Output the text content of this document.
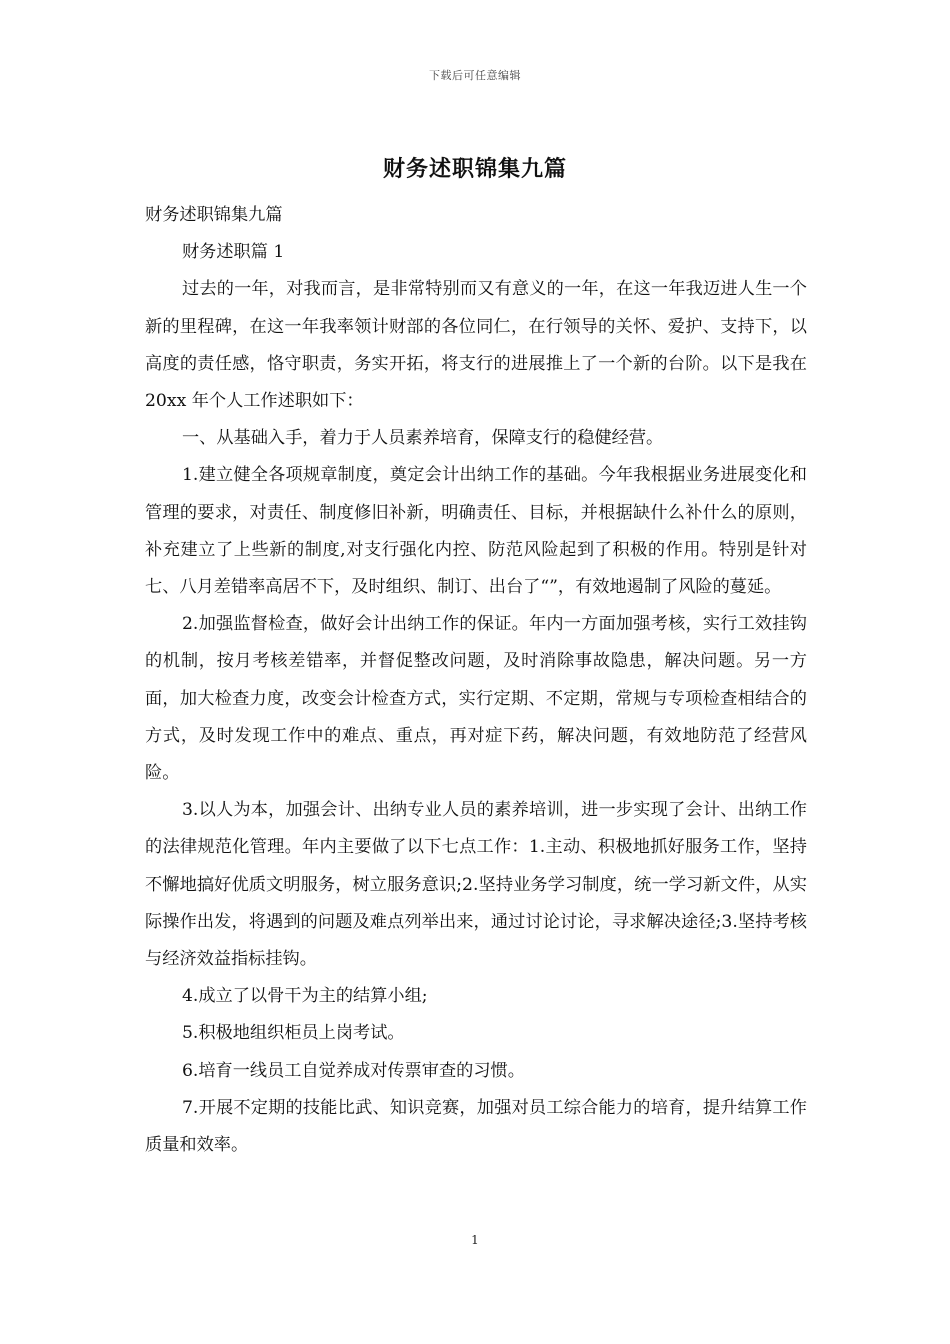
下载后可任意编辑
财务述职锦集九篇

财务述职锦集九篇

财务述职篇 1

过去的一年，对我而言，是非常特别而又有意义的一年，在这一年我迈进人生一个新的里程碑，在这一年我率领计财部的各位同仁，在行领导的关怀、爱护、支持下，以高度的责任感，恪守职责，务实开拓，将支行的进展推上了一个新的台阶。以下是我在 20xx 年个人工作述职如下：

一、从基础入手，着力于人员素养培育，保障支行的稳健经营。

1.建立健全各项规章制度，奠定会计出纳工作的基础。今年我根据业务进展变化和管理的要求，对责任、制度修旧补新，明确责任、目标，并根据缺什么补什么的原则，补充建立了上些新的制度,对支行强化内控、防范风险起到了积极的作用。特别是针对七、八月差错率高居不下，及时组织、制订、出台了“”，有效地遏制了风险的蔓延。

2.加强监督检查，做好会计出纳工作的保证。年内一方面加强考核，实行工效挂钩的机制，按月考核差错率，并督促整改问题，及时消除事故隐患，解决问题。另一方面，加大检查力度，改变会计检查方式，实行定期、不定期，常规与专项检查相结合的方式，及时发现工作中的难点、重点，再对症下药，解决问题，有效地防范了经营风险。

3.以人为本，加强会计、出纳专业人员的素养培训，进一步实现了会计、出纳工作的法律规范化管理。年内主要做了以下七点工作：1.主动、积极地抓好服务工作，坚持不懈地搞好优质文明服务，树立服务意识;2.坚持业务学习制度，统一学习新文件，从实际操作出发，将遇到的问题及难点列举出来，通过讨论讨论，寻求解决途径;3.坚持考核与经济效益指标挂钩。

4.成立了以骨干为主的结算小组;

5.积极地组织柜员上岗考试。

6.培育一线员工自觉养成对传票审查的习惯。

7.开展不定期的技能比武、知识竞赛，加强对员工综合能力的培育，提升结算工作质量和效率。

1
